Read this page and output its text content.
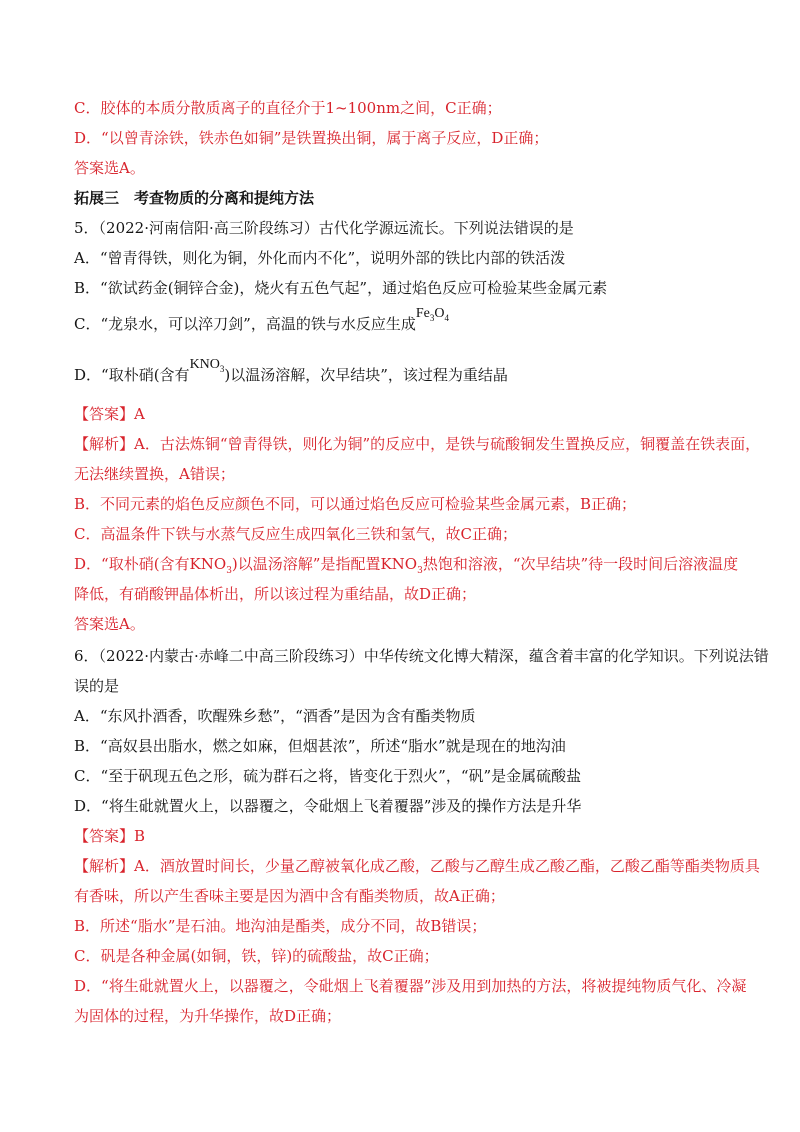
C．胶体的本质分散质离子的直径介于1~100nm之间，C正确；
D．“以曾青涂铁，铁赤色如铜”是铁置换出铜，属于离子反应，D正确；
答案选A。
拓展三　考查物质的分离和提纯方法
5．（2022·河南信阳·高三阶段练习）古代化学源远流长。下列说法错误的是
A．“曾青得铁，则化为铜，外化而内不化”，说明外部的铁比内部的铁活泼
B．“欲试药金(铜锌合金)，烧火有五色气起”，通过焰色反应可检验某些金属元素
C．“龙泉水，可以淬刀剑”，高温的铁与水反应生成$Fe_3O_4$
D．“取朴硝(含有$KNO_3$)以温汤溶解，次早结块”，该过程为重结晶
【答案】A
【解析】A．古法炼铜“曾青得铁，则化为铜”的反应中，是铁与硫酸铜发生置换反应，铜覆盖在铁表面，
无法继续置换，A错误；
B．不同元素的焰色反应颜色不同，可以通过焰色反应可检验某些金属元素，B正确；
C．高温条件下铁与水蒸气反应生成四氧化三铁和氢气，故C正确；
D．“取朴硝(含有$KNO_3$)以温汤溶解”是指配置$KNO_3$热饱和溶液，“次早结块”待一段时间后溶液温度
降低，有硝酸钾晶体析出，所以该过程为重结晶，故D正确；
答案选A。
6．（2022·内蒙古·赤峰二中高三阶段练习）中华传统文化博大精深，蕴含着丰富的化学知识。下列说法错
误的是
A．“东风扑酒香，吹醒殊乡愁”，“酒香”是因为含有酯类物质
B．“高奴县出脂水，燃之如麻，但烟甚浓”，所述“脂水”就是现在的地沟油
C．“至于矾现五色之形，硫为群石之将，皆变化于烈火”，“矾”是金属硫酸盐
D．“将生砒就置火上，以器覆之，令砒烟上飞着覆器”涉及的操作方法是升华
【答案】B
【解析】A．酒放置时间长，少量乙醇被氧化成乙酸，乙酸与乙醇生成乙酸乙酯，乙酸乙酯等酯类物质具
有香味，所以产生香味主要是因为酒中含有酯类物质，故A正确；
B．所述“脂水”是石油。地沟油是酯类，成分不同，故B错误；
C．矾是各种金属(如铜，铁，锌)的硫酸盐，故C正确；
D．“将生砒就置火上，以器覆之，令砒烟上飞着覆器”涉及用到加热的方法，将被提纯物质气化、冷凝
为固体的过程，为升华操作，故D正确；
